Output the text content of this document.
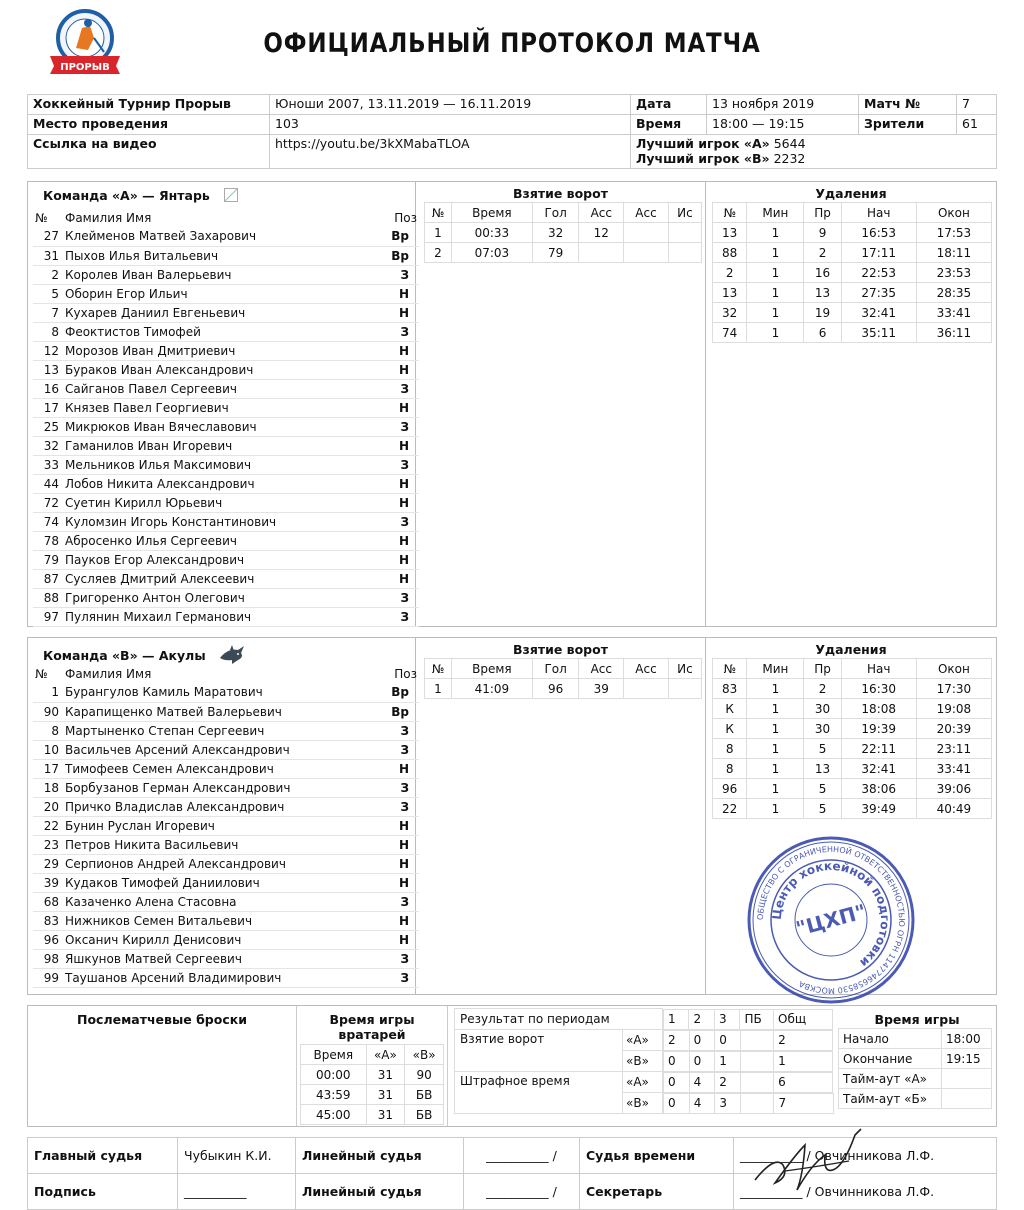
ПРОРЫВ
ОФИЦИАЛЬНЫЙ ПРОТОКОЛ МАТЧА
Хоккейный Турнир Прорыв	Юноши 2007, 13.11.2019 — 16.11.2019	Дата	13 ноября 2019	Матч №	7
Место проведения	103	Время	18:00 — 19:15	Зрители	61
Ссылка на видео	https://youtu.be/3kXMabaTLOA	Лучший игрок «А» 5644
Лучший игрок «В» 2232			
Команда «А» — Янтарь
№	Фамилия Имя	Поз
27	Клейменов Матвей Захарович	Вр
31	Пыхов Илья Витальевич	Вр
2	Королев Иван Валерьевич	З
5	Оборин Егор Ильич	Н
7	Кухарев Даниил Евгеньевич	Н
8	Феоктистов Тимофей	З
12	Морозов Иван Дмитриевич	Н
13	Бураков Иван Александрович	Н
16	Сайганов Павел Сергеевич	З
17	Князев Павел Георгиевич	Н
25	Микрюков Иван Вячеславович	З
32	Гаманилов Иван Игоревич	Н
33	Мельников Илья Максимович	З
44	Лобов Никита Александрович	Н
72	Суетин Кирилл Юрьевич	Н
74	Куломзин Игорь Константинович	З
78	Абросенко Илья Сергеевич	Н
79	Пауков Егор Александрович	Н
87	Сусляев Дмитрий Алексеевич	Н
88	Григоренко Антон Олегович	З
97	Пулянин Михаил Германович	З
Взятие ворот
№	Время	Гол	Асс	Асс	Ис
1	00:33	32	12		
2	07:03	79			
Удаления
№	Мин	Пр	Нач	Окон
13	1	9	16:53	17:53
88	1	2	17:11	18:11
2	1	16	22:53	23:53
13	1	13	27:35	28:35
32	1	19	32:41	33:41
74	1	6	35:11	36:11
Команда «В» — Акулы
№	Фамилия Имя	Поз
1	Бурангулов Камиль Маратович	Вр
90	Карапищенко Матвей Валерьевич	Вр
8	Мартыненко Степан Сергеевич	З
10	Васильчев Арсений Александрович	З
17	Тимофеев Семен Александрович	Н
18	Борбузанов Герман Александрович	З
20	Причко Владислав Александрович	З
22	Бунин Руслан Игоревич	Н
23	Петров Никита Васильевич	Н
29	Серпионов Андрей Александрович	Н
39	Кудаков Тимофей Даниилович	Н
68	Казаченко Алена Стасовна	З
83	Нижников Семен Витальевич	Н
96	Оксанич Кирилл Денисович	Н
98	Яшкунов Матвей Сергеевич	З
99	Таушанов Арсений Владимирович	З
Взятие ворот
№	Время	Гол	Асс	Асс	Ис
1	41:09	96	39		
Удаления
№	Мин	Пр	Нач	Окон
83	1	2	16:30	17:30
К	1	30	18:08	19:08
К	1	30	19:39	20:39
8	1	5	22:11	23:11
8	1	13	32:41	33:41
96	1	5	38:06	39:06
22	1	5	39:49	40:49
Послематчевые броски	Время игры вратарей
Время	«А»	«В»
00:00	31	90
43:59	31	БВ
45:00	31	БВ
Результат по периодам		1	2	3	ПБ	Общ

Взятие ворот	«А»	2	0	0		2

«В»	0	0	1		1

Штрафное время	«А»	0	4	2		6

«В»	0	4	3		7
Время игры
Начало	18:00
Окончание	19:15
Тайм-аут «А»	
Тайм-аут «Б»	
Главный судья	Чубыкин К.И.	Линейный судья	__________ /	Судья времени	__________ / Овчинникова Л.Ф.
Подпись	__________	Линейный судья	__________ /	Секретарь	__________ / Овчинникова Л.Ф.
ОБЩЕСТВО С ОГРАНИЧЕННОЙ ОТВЕТСТВЕННОСТЬЮ ОГРН 1147746658530 МОСКВА
Центр хоккейной подготовки
"ЦХП"
